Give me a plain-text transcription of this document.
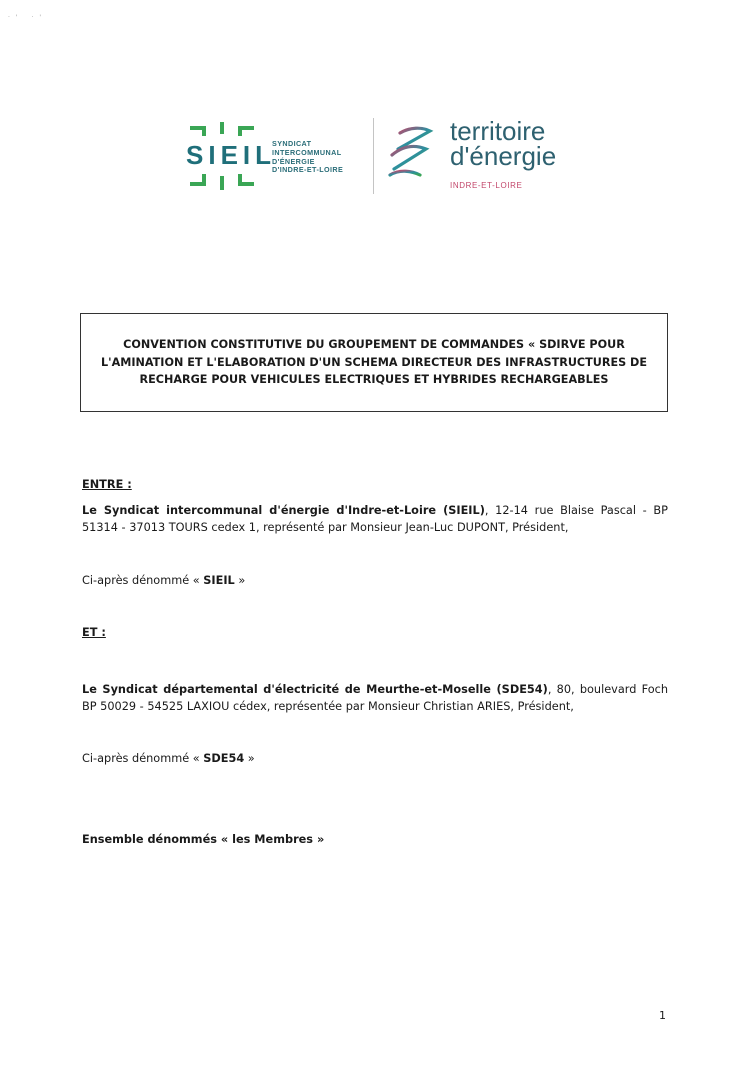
·' ·'
SIEIL
SYNDICAT
INTERCOMMUNAL
D'ÉNERGIE
D'INDRE-ET-LOIRE
territoire
d'énergie
INDRE-ET-LOIRE
CONVENTION CONSTITUTIVE DU GROUPEMENT DE COMMANDES « SDIRVE POUR
L'AMINATION ET L'ELABORATION D'UN SCHEMA DIRECTEUR DES INFRASTRUCTURES DE
RECHARGE POUR VEHICULES ELECTRIQUES ET HYBRIDES RECHARGEABLES
ENTRE :
Le Syndicat intercommunal d'énergie d'Indre-et-Loire (SIEIL), 12-14 rue Blaise Pascal - BP 51314 - 37013 TOURS cedex 1, représenté par Monsieur Jean-Luc DUPONT, Président,
Ci-après dénommé « SIEIL »
ET :
Le Syndicat départemental d'électricité de Meurthe-et-Moselle (SDE54), 80, boulevard Foch BP 50029 - 54525 LAXIOU cédex, représentée par Monsieur Christian ARIES, Président,
Ci-après dénommé « SDE54 »
Ensemble dénommés « les Membres »
1
